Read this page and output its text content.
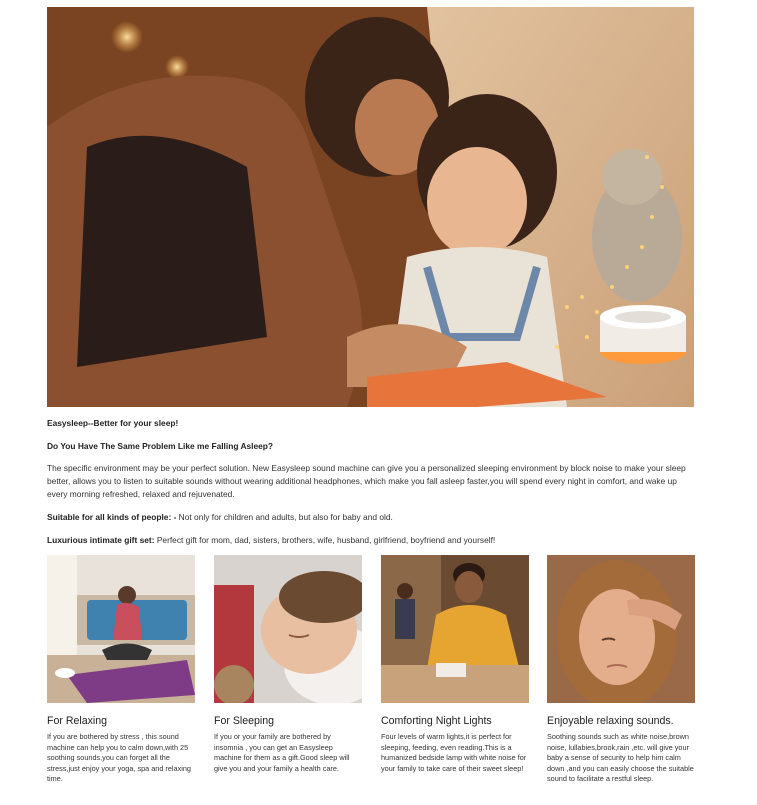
Easysleep--Better for your sleep!
Do You Have The Same Problem Like me Falling Asleep?
The specific environment may be your perfect solution. New Easysleep sound machine can give you a personalized sleeping environment by block noise to make your sleep better, allows you to listen to suitable sounds without wearing additional headphones, which make you fall asleep faster,you will spend every night in comfort, and wake up every morning refreshed, relaxed and rejuvenated.
Suitable for all kinds of people: - Not only for children and adults, but also for baby and old.
Luxurious intimate gift set: Perfect gift for mom, dad, sisters, brothers, wife, husband, girlfriend, boyfriend and yourself!
For Relaxing
If you are bothered by stress , this sound machine can help you to calm down,with 25 soothing sounds,you can forget all the stress,just enjoy your yoga, spa and relaxing time.
For Sleeping
If you or your family are bothered by insomnia , you can get an Easysleep machine for them as a gift.Good sleep will give you and your family a health care.
Comforting Night Lights
Four levels of warm lights,it is perfect for sleeping, feeding, even reading.This is a humanized bedside lamp with white noise for your family to take care of their sweet sleep!
Enjoyable relaxing sounds.
Soothing sounds such as white noise,brown noise, lullabies,brook,rain ,etc. will give your baby a sense of security to help him calm down ,and you can easily choose the suitable sound to facilitate a restful sleep.
